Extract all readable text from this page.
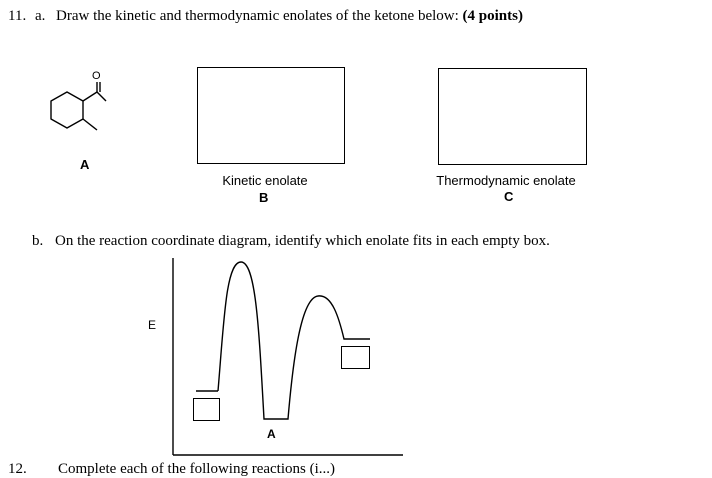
11. a. Draw the kinetic and thermodynamic enolates of the ketone below: (4 points)
O
A
Kinetic enolate
B
Thermodynamic enolate
C
b. On the reaction coordinate diagram, identify which enolate fits in each empty box.
E
A
12. Complete each of the following reactions (i...)
